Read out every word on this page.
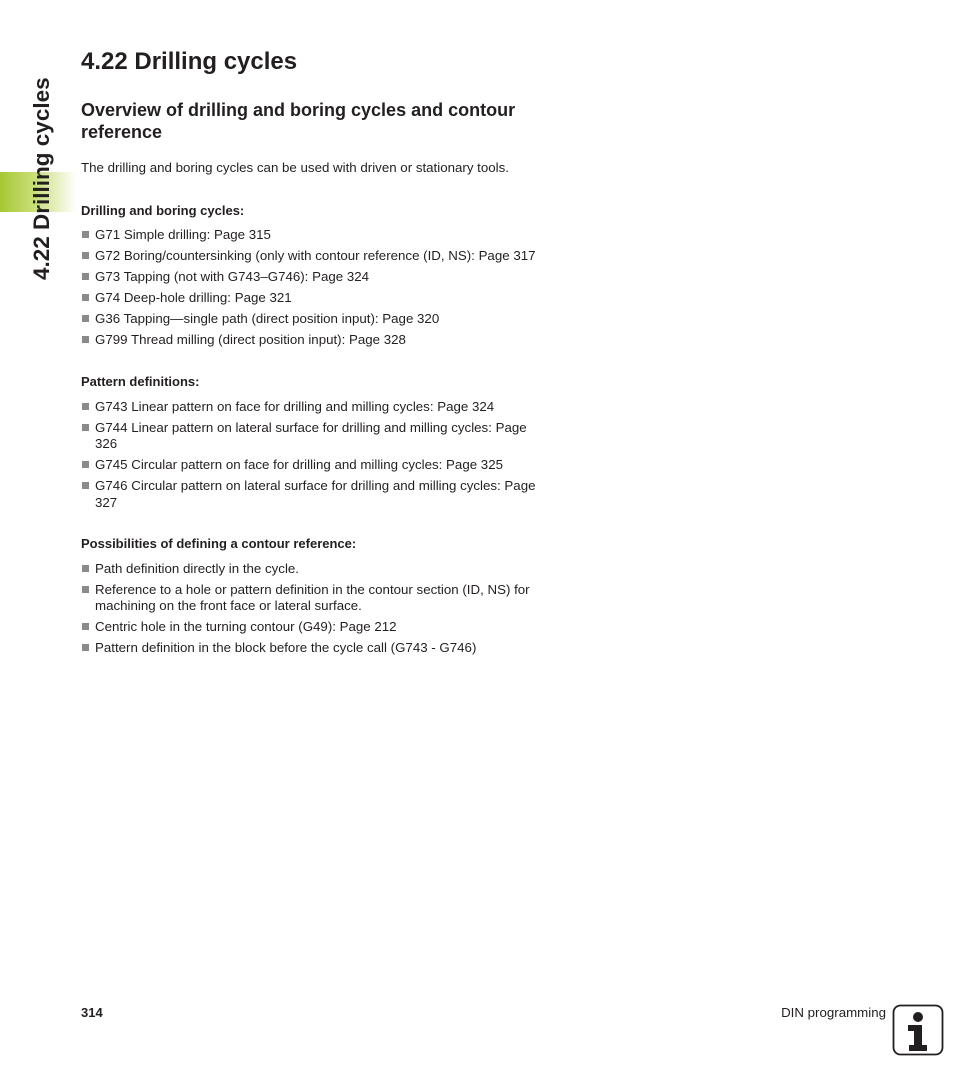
4.22 Drilling cycles
4.22 Drilling cycles
Overview of drilling and boring cycles and contour reference

The drilling and boring cycles can be used with driven or stationary tools.

Drilling and boring cycles:

G71 Simple drilling: Page 315
G72 Boring/countersinking (only with contour reference (ID, NS): Page 317
G73 Tapping (not with G743–G746): Page 324
G74 Deep-hole drilling: Page 321
G36 Tapping—single path (direct position input): Page 320
G799 Thread milling (direct position input): Page 328

Pattern definitions:

G743 Linear pattern on face for drilling and milling cycles: Page 324
G744 Linear pattern on lateral surface for drilling and milling cycles: Page 326
G745 Circular pattern on face for drilling and milling cycles: Page 325
G746 Circular pattern on lateral surface for drilling and milling cycles: Page 327

Possibilities of defining a contour reference:

Path definition directly in the cycle.
Reference to a hole or pattern definition in the contour section (ID, NS) for machining on the front face or lateral surface.
Centric hole in the turning contour (G49): Page 212
Pattern definition in the block before the cycle call (G743 - G746)
314	DIN programming
